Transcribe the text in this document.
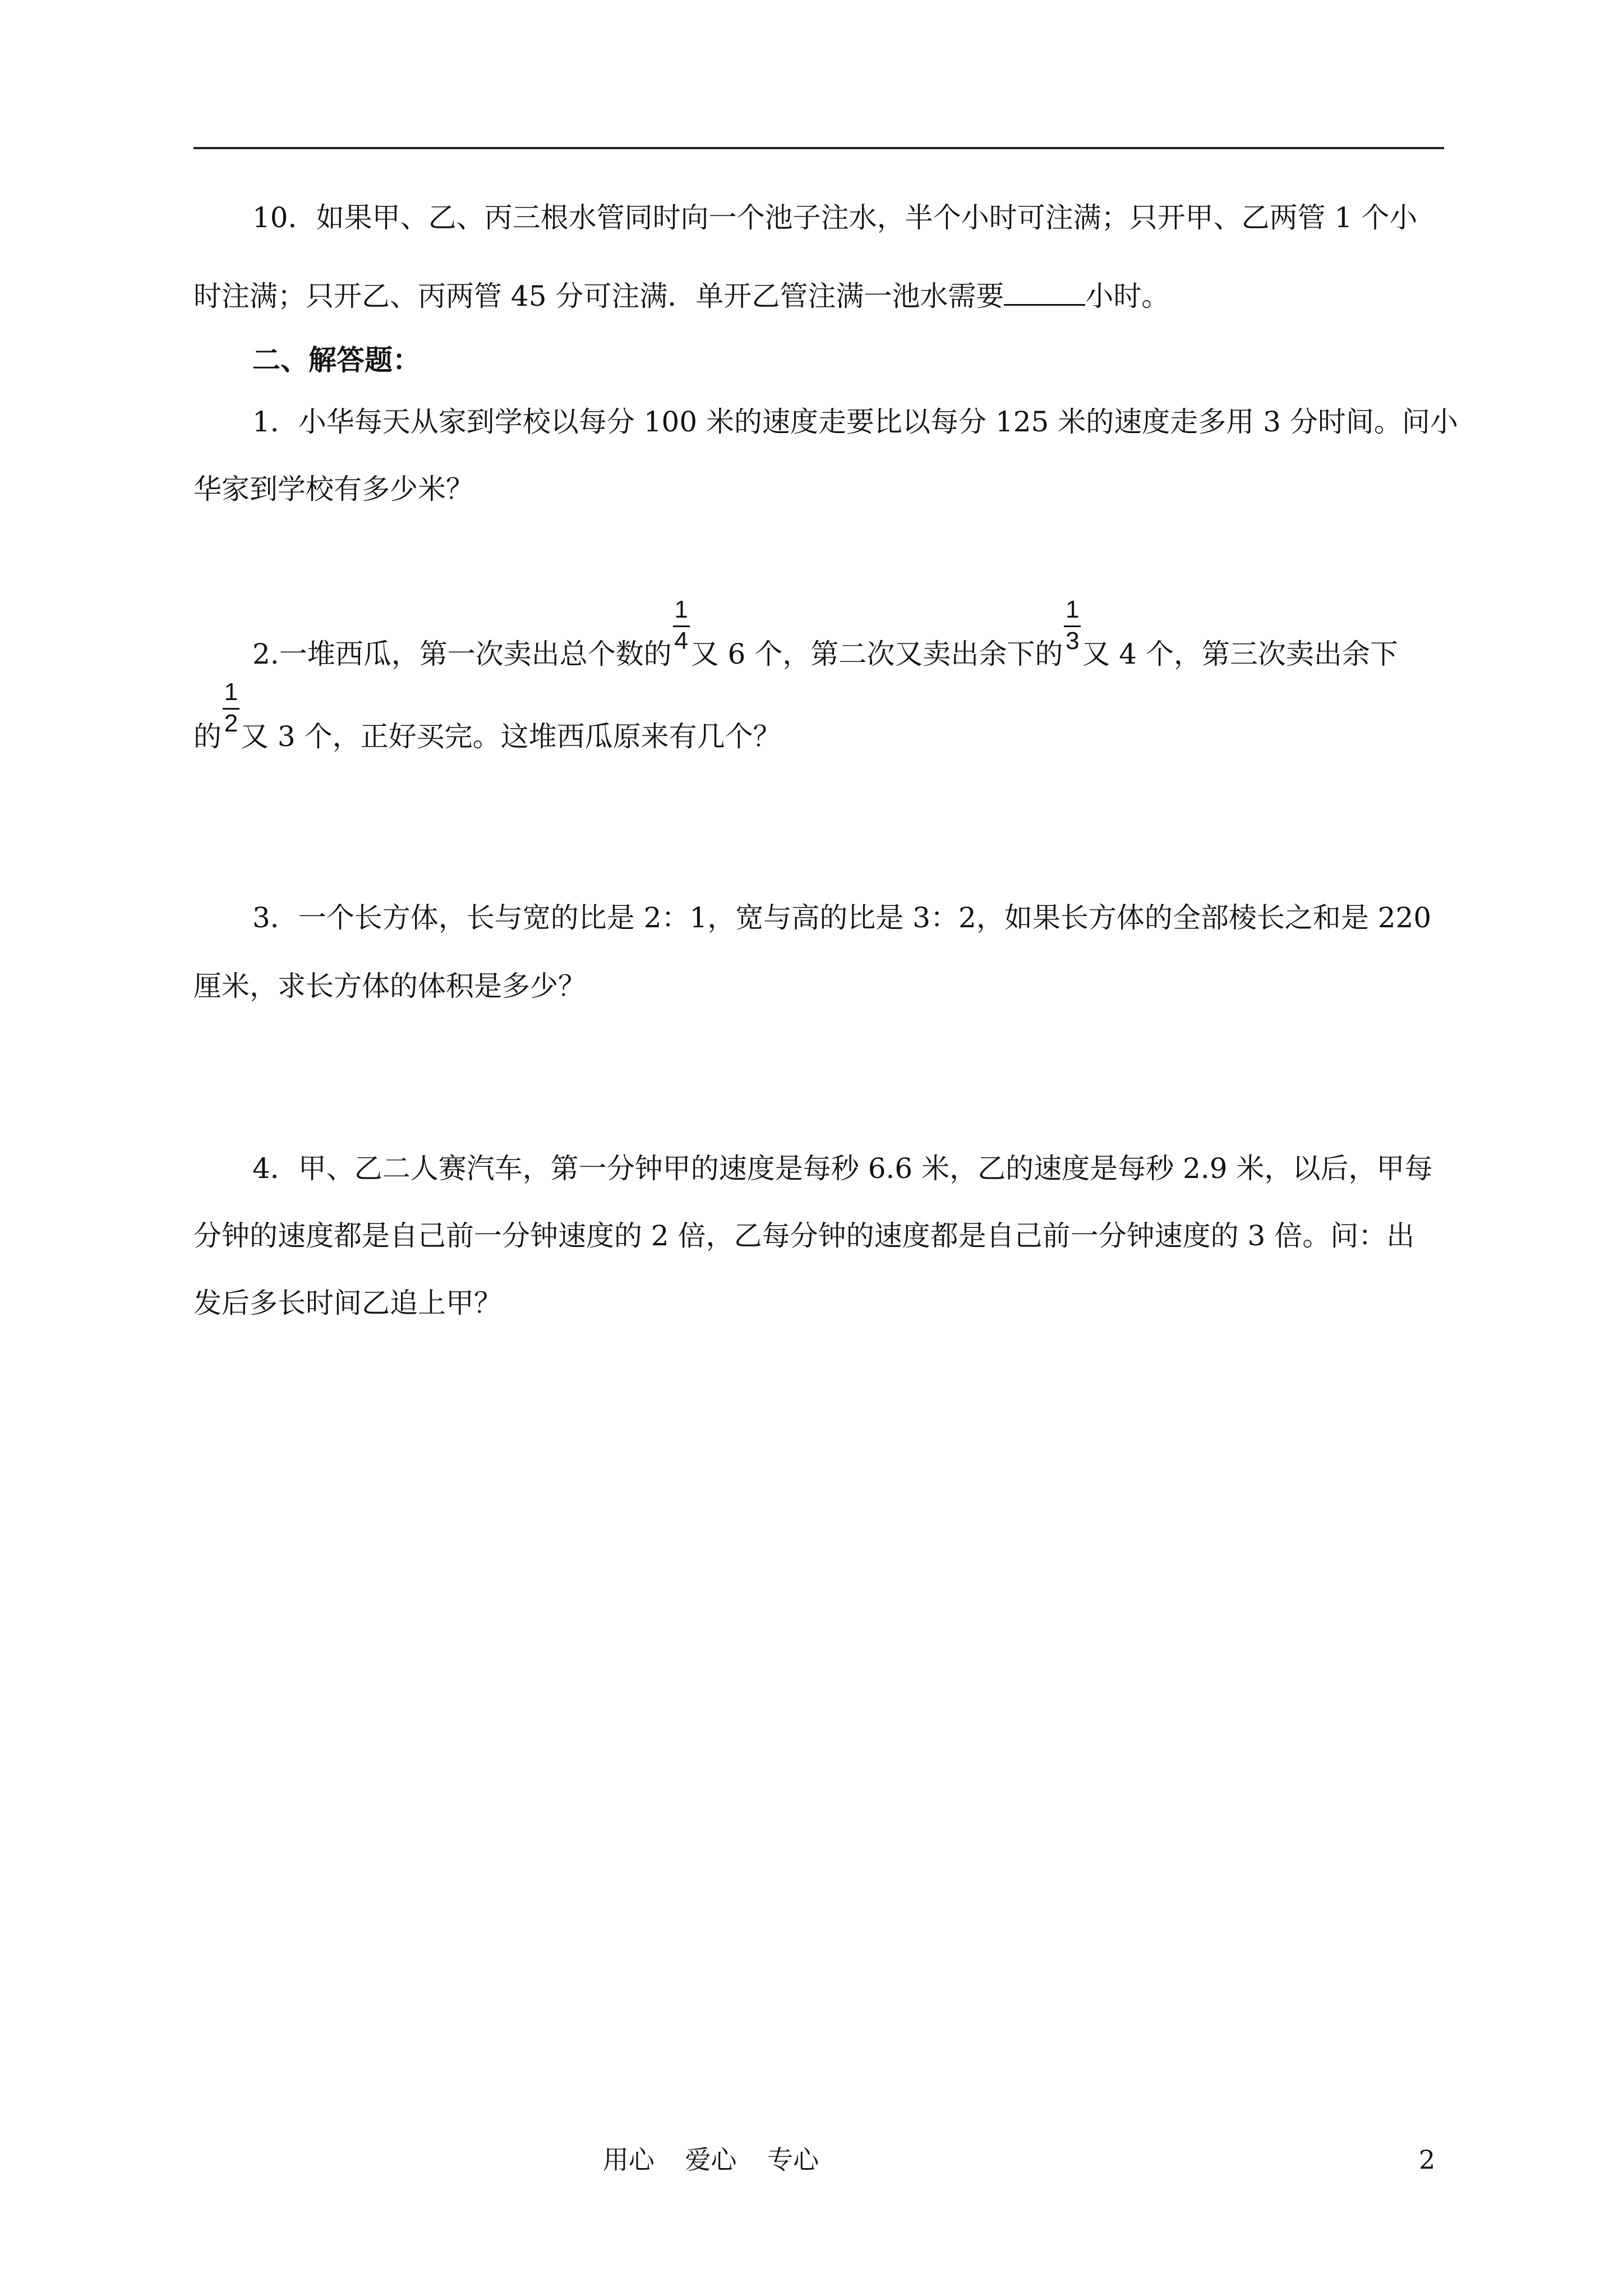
10．如果甲、乙、丙三根水管同时向一个池子注水，半个小时可注满；只开甲、乙两管 1 个小
时注满；只开乙、丙两管 45 分可注满．单开乙管注满一池水需要	小时。
二、解答题：
1．小华每天从家到学校以每分 100 米的速度走要比以每分 125 米的速度走多用 3 分时间。问小
华家到学校有多少米？
2.一堆西瓜，第一次卖出总个数的 $\frac{1}{4}$ 又 6 个，第二次又卖出余下的 $\frac{1}{3}$ 又 4 个，第三次卖出余下
的 $\frac{1}{2}$ 又 3 个，正好买完。这堆西瓜原来有几个？
3．一个长方体，长与宽的比是 2：1，宽与高的比是 3：2，如果长方体的全部棱长之和是 220
厘米，求长方体的体积是多少？
4．甲、乙二人赛汽车，第一分钟甲的速度是每秒 6.6 米，乙的速度是每秒 2.9 米，以后，甲每
分钟的速度都是自己前一分钟速度的 2 倍，乙每分钟的速度都是自己前一分钟速度的 3 倍。问：出
发后多长时间乙追上甲？
用心 爱心 专心	2
